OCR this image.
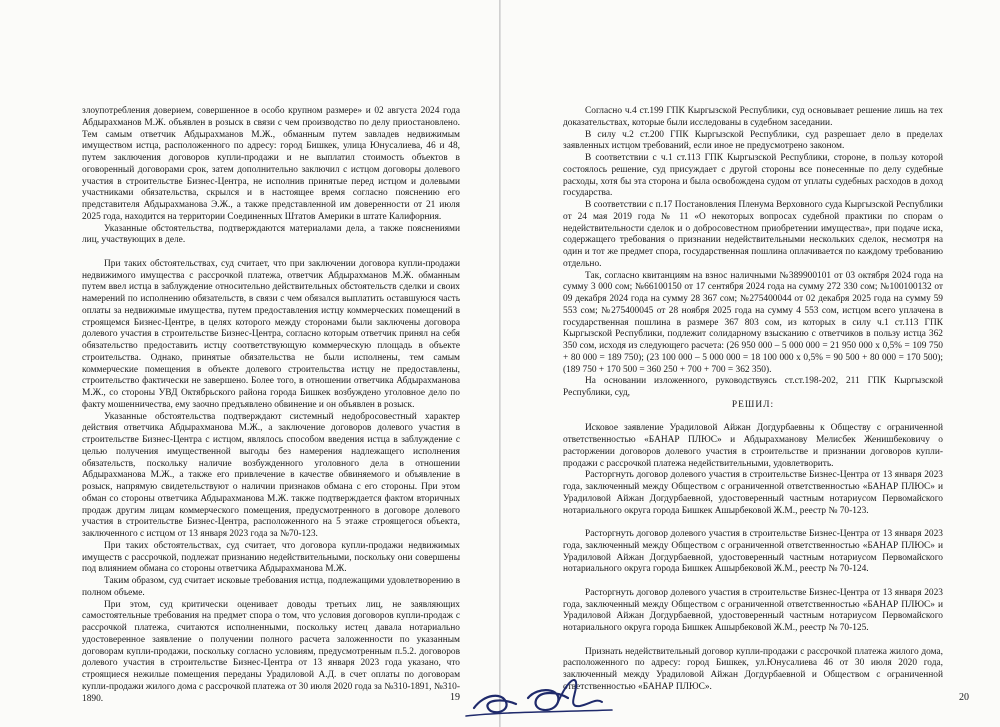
злоупотребления доверием, совершенное в особо крупном размере» и 02 августа 2024 года Абдырахманов М.Ж. объявлен в розыск в связи с чем производство по делу приостановлено. Тем самым ответчик Абдырахманов М.Ж., обманным путем завладев недвижимым имуществом истца, расположенного по адресу: город Бишкек, улица Юнусалиева, 46 и 48, путем заключения договоров купли-продажи и не выплатил стоимость объектов в оговоренный договорами срок, затем дополнительно заключил с истцом договоры долевого участия в строительстве Бизнес-Центра, не исполнив принятые перед истцом и долевыми участниками обязательства, скрылся и в настоящее время согласно пояснению его представителя Абдырахманова Э.Ж., а также представленной им доверенности от 21 июля 2025 года, находится на территории Соединенных Штатов Америки в штате Калифорния.

Указанные обстоятельства, подтверждаются материалами дела, а также пояснениями лиц, участвующих в деле.

При таких обстоятельствах, суд считает, что при заключении договора купли-продажи недвижимого имущества с рассрочкой платежа, ответчик Абдырахманов М.Ж. обманным путем ввел истца в заблуждение относительно действительных обстоятельств сделки и своих намерений по исполнению обязательств, в связи с чем обязался выплатить оставшуюся часть оплаты за недвижимые имущества, путем предоставления истцу коммерческих помещений в строящемся Бизнес-Центре, в целях которого между сторонами были заключены договора долевого участия в строительстве Бизнес-Центра, согласно которым ответчик принял на себя обязательство предоставить истцу соответствующую коммерческую площадь в объекте строительства. Однако, принятые обязательства не были исполнены, тем самым коммерческие помещения в объекте долевого строительства истцу не предоставлены, строительство фактически не завершено. Более того, в отношении ответчика Абдырахманова М.Ж., со стороны УВД Октябрьского района города Бишкек возбуждено уголовное дело по факту мошенничества, ему заочно предъявлено обвинение и он объявлен в розыск.

Указанные обстоятельства подтверждают системный недобросовестный характер действия ответчика Абдырахманова М.Ж., а заключение договоров долевого участия в строительстве Бизнес-Центра с истцом, являлось способом введения истца в заблуждение с целью получения имущественной выгоды без намерения надлежащего исполнения обязательств, поскольку наличие возбужденного уголовного дела в отношении Абдырахманова М.Ж., а также его привлечение в качестве обвиняемого и объявление в розыск, напрямую свидетельствуют о наличии признаков обмана с его стороны. При этом обман со стороны ответчика Абдырахманова М.Ж. также подтверждается фактом вторичных продаж другим лицам коммерческого помещения, предусмотренного в договоре долевого участия в строительстве Бизнес-Центра, расположенного на 5 этаже строящегося объекта, заключенного с истцом от 13 января 2023 года за №70-123.

При таких обстоятельствах, суд считает, что договора купли-продажи недвижимых имуществ с рассрочкой, подлежат признанию недействительными, поскольку они совершены под влиянием обмана со стороны ответчика Абдырахманова М.Ж.

Таким образом, суд считает исковые требования истца, подлежащими удовлетворению в полном объеме.

При этом, суд критически оценивает доводы третьих лиц, не заявляющих самостоятельные требования на предмет спора о том, что условия договоров купли-продаж с рассрочкой платежа, считаются исполненными, поскольку истец давала нотариально удостоверенное заявление о получении полного расчета заложенности по указанным договорам купли-продажи, поскольку согласно условиям, предусмотренным п.5.2. договоров долевого участия в строительстве Бизнес-Центра от 13 января 2023 года указано, что строящиеся нежилые помещения переданы Урадиловой А.Д. в счет оплаты по договорам купли-продажи жилого дома с рассрочкой платежа от 30 июля 2020 года за №310-1891, №310-1890.	19

Согласно ч.4 ст.199 ГПК Кыргызской Республики, суд основывает решение лишь на тех доказательствах, которые были исследованы в судебном заседании.

В силу ч.2 ст.200 ГПК Кыргызской Республики, суд разрешает дело в пределах заявленных истцом требований, если иное не предусмотрено законом.

В соответствии с ч.1 ст.113 ГПК Кыргызской Республики, стороне, в пользу которой состоялось решение, суд присуждает с другой стороны все понесенные по делу судебные расходы, хотя бы эта сторона и была освобождена судом от уплаты судебных расходов в доход государства.

В соответствии с п.17 Постановления Пленума Верховного суда Кыргызской Республики от 24 мая 2019 года № 11 «О некоторых вопросах судебной практики по спорам о недействительности сделок и о добросовестном приобретении имущества», при подаче иска, содержащего требования о признании недействительными нескольких сделок, несмотря на один и тот же предмет спора, государственная пошлина оплачивается по каждому требованию отдельно.

Так, согласно квитанциям на взнос наличными №389900101 от 03 октября 2024 года на сумму 3 000 сом; №66100150 от 17 сентября 2024 года на сумму 272 330 сом; №100100132 от 09 декабря 2024 года на сумму 28 367 сом; №275400044 от 02 декабря 2025 года на сумму 59 553 сом; №275400045 от 28 ноября 2025 года на сумму 4 553 сом, истцом всего уплачена в государственная пошлина в размере 367 803 сом, из которых в силу ч.1 ст.113 ГПК Кыргызской Республики, подлежит солидарному взысканию с ответчиков в пользу истца 362 350 сом, исходя из следующего расчета: (26 950 000 – 5 000 000 = 21 950 000 х 0,5% = 109 750 + 80 000 = 189 750); (23 100 000 – 5 000 000 = 18 100 000 х 0,5% = 90 500 + 80 000 = 170 500); (189 750 + 170 500 = 360 250 + 700 + 700 = 362 350).

На основании изложенного, руководствуясь ст.ст.198-202, 211 ГПК Кыргызской Республики, суд,

РЕШИЛ:

Исковое заявление Урадиловой Айжан Догдурбаевны к Обществу с ограниченной ответственностью «БАНАР ПЛЮС» и Абдырахманову Мелисбек Женишбековичу о расторжении договоров долевого участия в строительстве и признании договоров купли-продажи с рассрочкой платежа недействительными, удовлетворить.

Расторгнуть договор долевого участия в строительстве Бизнес-Центра от 13 января 2023 года, заключенный между Обществом с ограниченной ответственностью «БАНАР ПЛЮС» и Урадиловой Айжан Догдурбаевной, удостоверенный частным нотариусом Первомайского нотариального округа города Бишкек Ашырбековой Ж.М., реестр № 70-123.

Расторгнуть договор долевого участия в строительстве Бизнес-Центра от 13 января 2023 года, заключенный между Обществом с ограниченной ответственностью «БАНАР ПЛЮС» и Урадиловой Айжан Догдурбаевной, удостоверенный частным нотариусом Первомайского нотариального округа города Бишкек Ашырбековой Ж.М., реестр № 70-124.

Расторгнуть договор долевого участия в строительстве Бизнес-Центра от 13 января 2023 года, заключенный между Обществом с ограниченной ответственностью «БАНАР ПЛЮС» и Урадиловой Айжан Догдурбаевной, удостоверенный частным нотариусом Первомайского нотариального округа города Бишкек Ашырбековой Ж.М., реестр № 70-125.

Признать недействительный договор купли-продажи с рассрочкой платежа жилого дома, расположенного по адресу: город Бишкек, ул.Юнусалиева 46 от 30 июля 2020 года, заключенный между Урадиловой Айжан Догдурбаевной и Обществом с ограниченной ответственностью «БАНАР ПЛЮС».

20
